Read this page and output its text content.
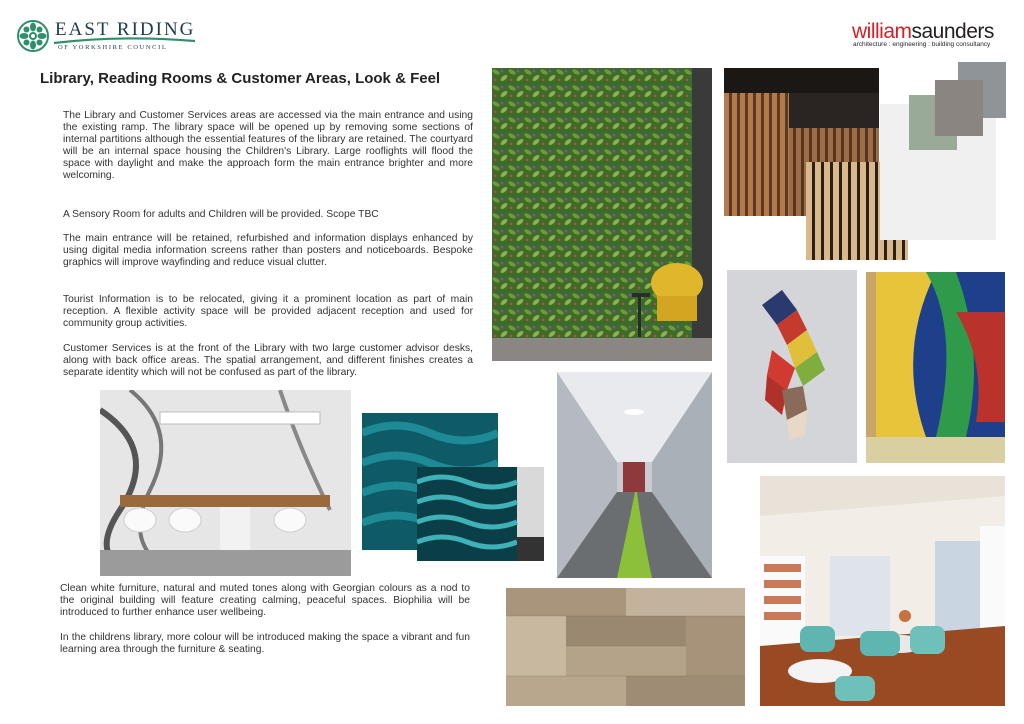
EAST RIDING
OF YORKSHIRE COUNCIL
williamsaunders
architecture : engineering : building consultancy
Library, Reading Rooms & Customer Areas, Look & Feel

The Library and Customer Services areas are accessed via the main entrance and using the existing ramp. The library space will be opened up by removing some sections of internal partitions although the essential features of the library are retained. The courtyard will be an internal space housing the Children's Library. Large rooflights will flood the space with daylight and make the approach form the main entrance brighter and more welcoming.

A Sensory Room for adults and Children will be provided. Scope TBC

The main entrance will be retained, refurbished and information displays enhanced by using digital media information screens rather than posters and noticeboards. Bespoke graphics will improve wayfinding and reduce visual clutter.

Tourist Information is to be relocated, giving it a prominent location as part of main reception. A flexible activity space will be provided adjacent reception and used for community group activities.

Customer Services is at the front of the Library with two large customer advisor desks, along with back office areas. The spatial arrangement, and different finishes creates a separate identity which will not be confused as part of the library.

Clean white furniture, natural and muted tones along with Georgian colours as a nod to the original building will feature creating calming, peaceful spaces. Biophilia will be introduced to further enhance user wellbeing.

In the childrens library, more colour will be introduced making the space a vibrant and fun learning area through the furniture & seating.
